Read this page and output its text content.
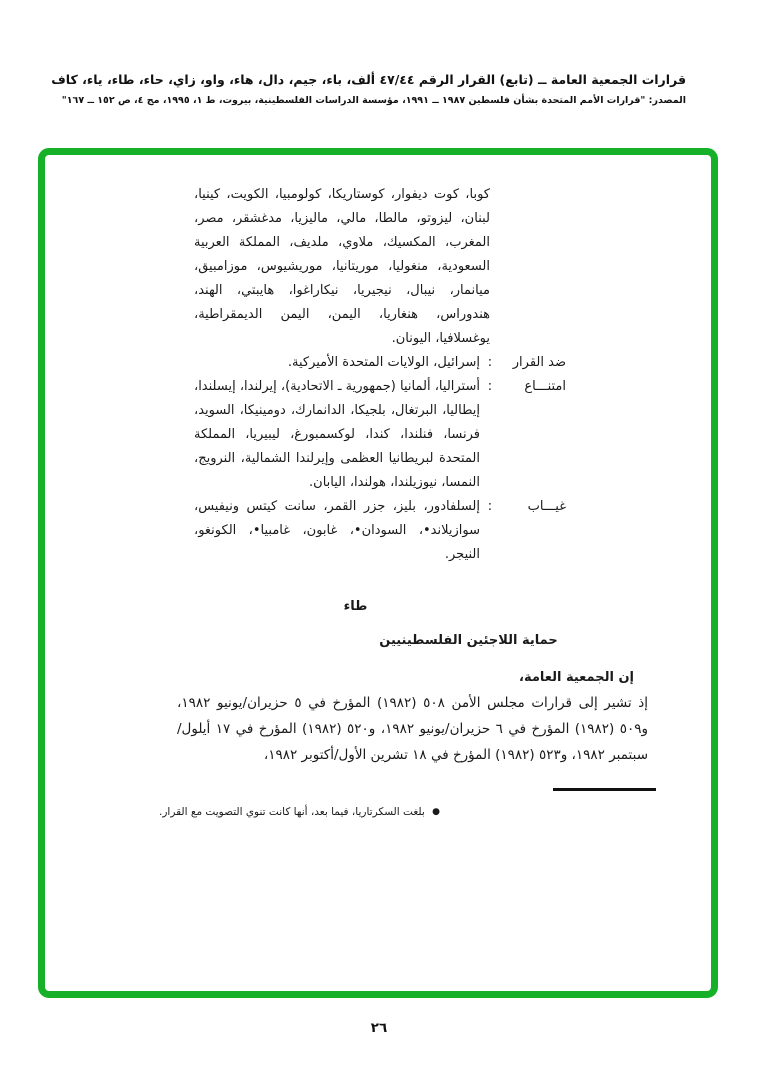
قرارات الجمعية العامة ــ (تابع) القرار الرقم ٤٧/٤٤ ألف، باء، جيم، دال، هاء، واو، زاي، حاء، طاء، ياء، كاف
المصدر: "قرارات الأمم المتحدة بشأن فلسطين ١٩٨٧ ــ ١٩٩١، مؤسسة الدراسات الفلسطينية، بيروت، ط ١، ١٩٩٥، مج ٤، ص ١٥٢ ــ ١٦٧"
كوبا، كوت ديفوار، كوستاريكا، كولومبيا، الكويت، كينيا، لبنان، ليزوتو، مالطا، مالي، ماليزيا، مدغشقر، مصر، المغرب، المكسيك، ملاوي، ملديف، المملكة العربية السعودية، منغوليا، موريتانيا، موريشيوس، موزامبيق، ميانمار، نيبال، نيجيريا، نيكاراغوا، هايبتي، الهند، هندوراس، هنغاريا، اليمن، اليمن الديمقراطية، يوغسلافيا، اليونان.
ضد القرار
:
إسرائيل، الولايات المتحدة الأميركية.
امتنـــاع
:
أستراليا، ألمانيا (جمهورية ـ الاتحادية)، إيرلندا، إيسلندا، إيطاليا، البرتغال، بلجيكا، الدانمارك، دومينيكا، السويد، فرنسا، فنلندا، كندا، لوكسمبورغ، ليبيريا، المملكة المتحدة لبريطانيا العظمى وإيرلندا الشمالية، النرويج، النمسا، نيوزيلندا، هولندا، اليابان.
غيـــاب
:
إلسلفادور، بليز، جزر القمر، سانت كيتس ونيفيس، سوازيلاند•، السودان•، غابون، غامبيا•، الكونغو، النيجر.
طاء
حماية اللاجئين الفلسطينيين
إن الجمعية العامة،
إذ تشير إلى قرارات مجلس الأمن ٥٠٨ (١٩٨٢) المؤرخ في ٥ حزيران/يونيو ١٩٨٢، و٥٠٩ (١٩٨٢) المؤرخ في ٦ حزيران/يونيو ١٩٨٢، و٥٢٠ (١٩٨٢) المؤرخ في ١٧ أيلول/سبتمبر ١٩٨٢، و٥٢٣ (١٩٨٢) المؤرخ في ١٨ تشرين الأول/أكتوبر ١٩٨٢،
● بلغت السكرتاريا، فيما بعد، أنها كانت تنوي التصويت مع القرار.
٢٦
